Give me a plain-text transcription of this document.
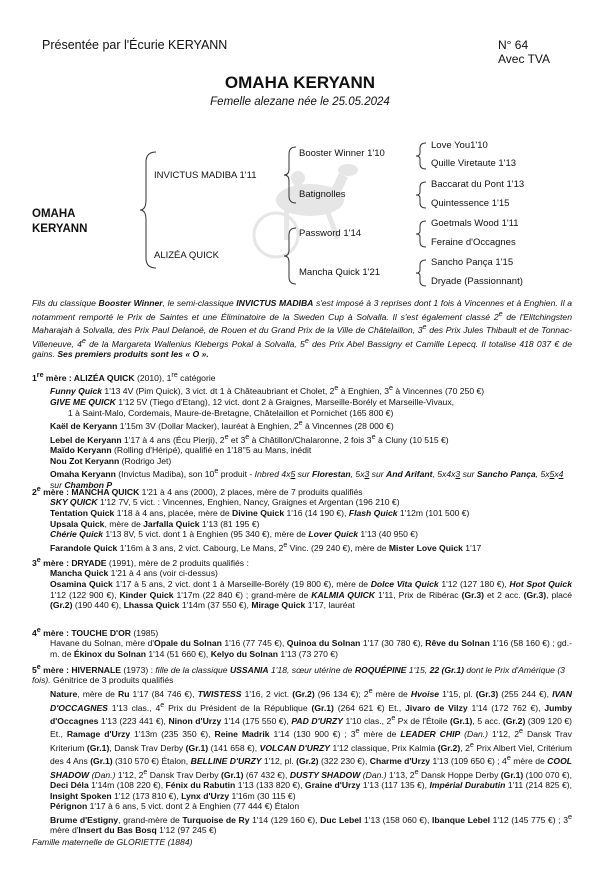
Présentée par l'Écurie KERYANN	N° 64
Avec TVA
OMAHA KERYANN
Femelle alezane née le 25.05.2024
OMAHA
KERYANN
INVICTUS MADIBA 1'11
ALIZÉA QUICK
Booster Winner 1'10
Batignolles
Password 1'14
Mancha Quick 1'21
Love You1'10
Quille Viretaute 1'13
Baccarat du Pont 1'13
Quintessence 1'15
Goetmals Wood 1'11
Feraine d'Occagnes
Sancho Pança 1'15
Dryade (Passionnant)
Fils du classique Booster Winner, le semi-classique INVICTUS MADIBA s'est imposé à 3 reprises dont 1 fois à Vincennes et à Enghien. Il a notamment remporté le Prix de Saintes et une Éliminatoire de la Sweden Cup à Solvalla. Il s'est également classé 2e de l'Elitchingsten Maharajah à Solvalla, des Prix Paul Delanoë, de Rouen et du Grand Prix de la Ville de Châtelaillon, 3e des Prix Jules Thibault et de Tonnac-Villeneuve, 4e de la Margareta Wallenius Klebergs Pokal à Solvalla, 5e des Prix Abel Bassigny et Camille Lepecq. Il totalise 418 037 € de gains. Ses premiers produits sont les « O ».

1re mère : ALIZÉA QUICK (2010), 1re catégorie

Funny Quick 1'13 4V (Pim Quick), 3 vict. dt 1 à Châteaubriant et Cholet, 2e à Enghien, 3e à Vincennes (70 250 €)

GIVE ME QUICK 1'12 5V (Tiego d'Etang), 12 vict. dont 2 à Graignes, Marseille-Borély et Marseille-Vivaux,

1 à Saint-Malo, Cordemais, Maure-de-Bretagne, Châtelaillon et Pornichet (165 800 €)

Kaël de Keryann 1'15m 3V (Dollar Macker), lauréat à Enghien, 2e à Vincennes (28 000 €)

Lebel de Keryann 1'17 à 4 ans (Écu Pierji), 2e et 3e à Châtillon/Chalaronne, 2 fois 3e à Cluny (10 515 €)

Maïdo Keryann (Rolling d'Hériρé), qualifié en 1'18''5 au Mans, inédit

Nou Zot Keryann (Rodrigo Jet)

Omaha Keryann (Invictus Madiba), son 10e produit - Inbred 4x5 sur Florestan, 5x3 sur And Arifant, 5x4x3 sur Sancho Pança, 5x5x4 sur Chambon P

2e mère : MANCHA QUICK 1'21 à 4 ans (2000), 2 places, mère de 7 produits qualifiés

SKY QUICK 1'12 7V, 5 vict. : Vincennes, Enghien, Nancy, Graignes et Argentan (196 210 €)

Tentation Quick 1'18 à 4 ans, placée, mère de Divine Quick 1'16 (14 190 €), Flash Quick 1'12m (101 500 €)

Upsala Quick, mère de Jarfalla Quick 1'13 (81 195 €)

Chérie Quick 1'13 8V, 5 vict. dont 1 à Enghien (95 340 €), mère de Lover Quick 1'13 (40 950 €)

Farandole Quick 1'16m à 3 ans, 2 vict. Cabourg, Le Mans, 2e Vinc. (29 240 €), mère de Mister Love Quick 1'17

3e mère : DRYADE (1991), mère de 2 produits qualifiés :

Mancha Quick 1'21 à 4 ans (voir ci-dessus)

Osamina Quick 1'17 à 5 ans, 2 vict. dont 1 à Marseille-Borély (19 800 €), mère de Dolce Vita Quick 1'12 (127 180 €), Hot Spot Quick 1'12 (122 900 €), Kinder Quick 1'17m (22 840 €) ; grand-mère de KALMIA QUICK 1'11, Prix de Ribérac (Gr.3) et 2 acc. (Gr.3), placé (Gr.2) (190 440 €), Lhassa Quick 1'14m (37 550 €), Mirage Quick 1'17, lauréat

4e mère : TOUCHE D'OR (1985)

Havane du Solnan, mère d'Opale du Solnan 1'16 (77 745 €), Quinoa du Solnan 1'17 (30 780 €), Rêve du Solnan 1'16 (58 160 €) ; gd.-m. de Ékinox du Solnan 1'14 (51 660 €), Kelyo du Solnan 1'13 (73 270 €)

5e mère : HIVERNALE (1973) : fille de la classique USSANIA 1'18, sœur utérine de ROQUÉPINE 1'15, 22 (Gr.1) dont le Prix d'Amérique (3 fois). Génitrice de 3 produits qualifiés

Nature, mère de Ru 1'17 (84 746 €), TWISTESS 1'16, 2 vict. (Gr.2) (96 134 €); 2e mère de Hvoise 1'15, pl. (Gr.3) (255 244 €), IVAN D'OCCAGNES 1'13 clas., 4e Prix du Président de la République (Gr.1) (264 621 €) Et., Jivaro de Vilzy 1'14 (172 762 €), Jumby d'Occagnes 1'13 (223 441 €), Ninon d'Urzy 1'14 (175 550 €), PAD D'URZY 1'10 clas., 2e Px de l'Étoile (Gr.1), 5 acc. (Gr.2) (309 120 €) Et., Ramage d'Urzy 1'13m (235 350 €), Reine Madrik 1'14 (130 900 €) ; 3e mère de LEADER CHIP (Dan.) 1'12, 2e Dansk Trav Kriterium (Gr.1), Dansk Trav Derby (Gr.1) (141 658 €), VOLCAN D'URZY 1'12 classique, Prix Kalmia (Gr.2), 2e Prix Albert Viel, Critérium des 4 Ans (Gr.1) (310 570 €) Étalon, BELLINE D'URZY 1'12, pl. (Gr.2) (322 230 €), Charme d'Urzy 1'13 (109 650 €) ; 4e mère de COOL SHADOW (Dan.) 1'12, 2e Dansk Trav Derby (Gr.1) (67 432 €), DUSTY SHADOW (Dan.) 1'13, 2e Dansk Hoppe Derby (Gr.1) (100 070 €), Deci Déla 1'14m (108 220 €), Fénix du Rabutin 1'13 (133 820 €), Graine d'Urzy 1'13 (117 135 €), Impérial Durabutin 1'11 (214 825 €), Insight Spoken 1'12 (173 810 €), Lynx d'Urzy 1'16m (30 115 €)

Pérignon 1'17 à 6 ans, 5 vict. dont 2 à Enghien (77 444 €) Étalon

Brume d'Estigny, grand-mère de Turquoise de Ry 1'14 (129 160 €), Duc Lebel 1'13 (158 060 €), Ibanque Lebel 1'12 (145 775 €) ; 3e mère d'Insert du Bas Bosq 1'12 (97 245 €)

Famille maternelle de GLORIETTE (1884)
